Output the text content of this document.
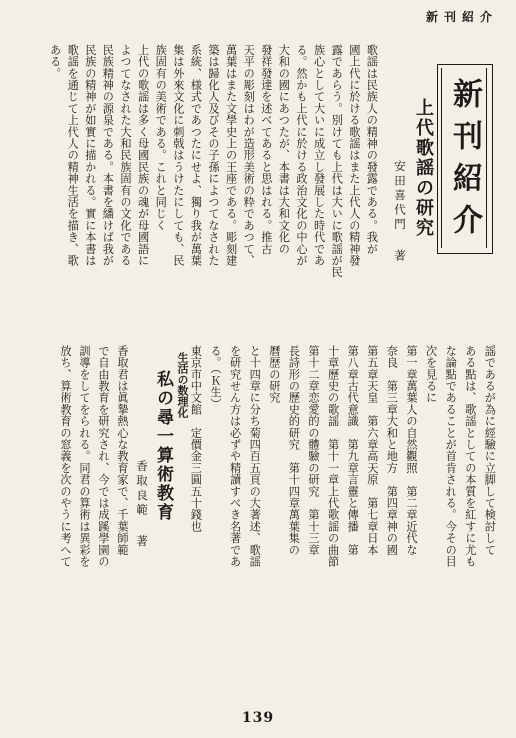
新刊紹介
新刊紹介
上代歌謡の研究
安田喜代門 著
歌謡は民族人の精神の發露である。我が
國上代に於ける歌謡はまた上代人の精神發
露であらう。別けても上代は大いに歌謡が民
族心として大いに成立し發展した時代であ
る。然かも上代に於ける政治文化の中心が
大和の國にあつたが、本書は大和文化の
發祥發達を述べてあると思はれる。推古
天平の彫刻はわが造形美術の粋であつて、
萬葉はまた文學史上の王座である。彫刻建
築は歸化人及びその子孫によつてなされた
系統、様式であつたにせよ、獨り我が萬葉
集は外來文化に刺戟はうけたにしても、民
族固有の美術である。これと同じく
上代の歌謡は多く母國民族の魂が母國語に
よつてなされた大和民族固有の文化である
民族精神の源泉である。本書を繙けば我が
民族の精神が如實に描かれる。實に本書は
歌謡を通じて上代人の精神生活を描き、歌
ある。
謡であるが為に經驗に立脚して検討して
ある點は、歌謡としての本質を紅すに尤も
な論點であることが首肯される。今その目
次を見るに
第一章萬葉人の自然觀照　第二章近代な
奈良　第三章大和と地方　第四章神の國
第五章天皇　第六章高天原　第七章日本
第八章古代意識　第九章言靈と傳播　第
十章歷史の歌謡　第十一章上代歌謡の曲節
第十二章恋愛的の體驗の研究　第十三章
長詩形の歷史的研究　第十四章萬葉集の
曆歴の研究
と十四章に分ち菊四百五頁の大著述、歌謡
を研究せん方は必ずや精讀すべき名著であ
る。（Ｋ生）
東京市中文館　定價金三圓五十錢也
生活の数理化
私の尋一算術教育
香取良範 著
香取君は眞摯熱心な教育家で、千葉師範
で自由教育を研究され、今では成蹊學園の
訓導をしてをられる。同君の算術は異彩を
放ち、算術教育の窓義を次のやうに考へて
139
